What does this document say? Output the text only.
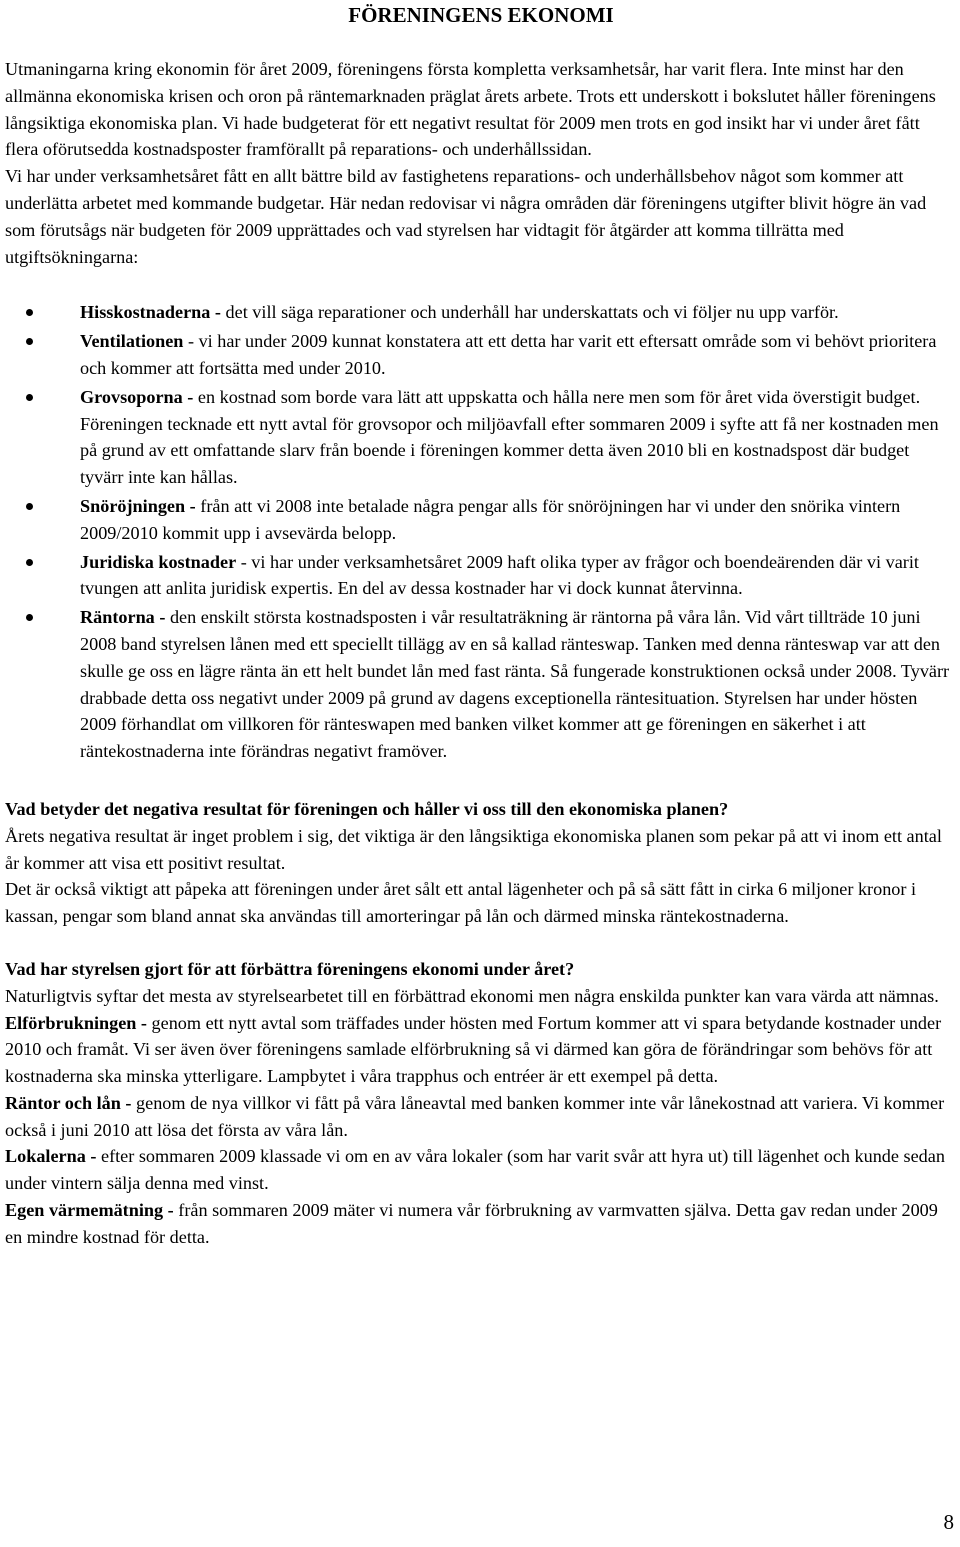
FÖRENINGENS EKONOMI

Utmaningarna kring ekonomin för året 2009, föreningens första kompletta verksamhetsår, har varit flera. Inte minst har den allmänna ekonomiska krisen och oron på räntemarknaden präglat årets arbete. Trots ett underskott i bokslutet håller föreningens långsiktiga ekonomiska plan. Vi hade budgeterat för ett negativt resultat för 2009 men trots en god insikt har vi under året fått flera oförutsedda kostnadsposter framförallt på reparations- och underhållssidan.

Vi har under verksamhetsåret fått en allt bättre bild av fastighetens reparations- och underhållsbehov något som kommer att underlätta arbetet med kommande budgetar. Här nedan redovisar vi några områden där föreningens utgifter blivit högre än vad som förutsågs när budgeten för 2009 upprättades och vad styrelsen har vidtagit för åtgärder att komma tillrätta med utgiftsökningarna:

Hisskostnaderna - det vill säga reparationer och underhåll har underskattats och vi följer nu upp varför.
Ventilationen - vi har under 2009 kunnat konstatera att ett detta har varit ett eftersatt område som vi behövt prioritera och kommer att fortsätta med under 2010.
Grovsoporna - en kostnad som borde vara lätt att uppskatta och hålla nere men som för året vida överstigit budget. Föreningen tecknade ett nytt avtal för grovsopor och miljöavfall efter sommaren 2009 i syfte att få ner kostnaden men på grund av ett omfattande slarv från boende i föreningen kommer detta även 2010 bli en kostnadspost där budget tyvärr inte kan hållas.
Snöröjningen - från att vi 2008 inte betalade några pengar alls för snöröjningen har vi under den snörika vintern 2009/2010 kommit upp i avsevärda belopp.
Juridiska kostnader - vi har under verksamhetsåret 2009 haft olika typer av frågor och boendeärenden där vi varit tvungen att anlita juridisk expertis. En del av dessa kostnader har vi dock kunnat återvinna.
Räntorna - den enskilt största kostnadsposten i vår resultaträkning är räntorna på våra lån. Vid vårt tillträde 10 juni 2008 band styrelsen lånen med ett speciellt tillägg av en så kallad ränteswap. Tanken med denna ränteswap var att den skulle ge oss en lägre ränta än ett helt bundet lån med fast ränta. Så fungerade konstruktionen också under 2008. Tyvärr drabbade detta oss negativt under 2009 på grund av dagens exceptionella räntesituation. Styrelsen har under hösten 2009 förhandlat om villkoren för ränteswapen med banken vilket kommer att ge föreningen en säkerhet i att räntekostnaderna inte förändras negativt framöver.

Vad betyder det negativa resultat för föreningen och håller vi oss till den ekonomiska planen?

Årets negativa resultat är inget problem i sig, det viktiga är den långsiktiga ekonomiska planen som pekar på att vi inom ett antal år kommer att visa ett positivt resultat.

Det är också viktigt att påpeka att föreningen under året sålt ett antal lägenheter och på så sätt fått in cirka 6 miljoner kronor i kassan, pengar som bland annat ska användas till amorteringar på lån och därmed minska räntekostnaderna.

Vad har styrelsen gjort för att förbättra föreningens ekonomi under året?

Naturligtvis syftar det mesta av styrelsearbetet till en förbättrad ekonomi men några enskilda punkter kan vara värda att nämnas.

Elförbrukningen - genom ett nytt avtal som träffades under hösten med Fortum kommer att vi spara betydande kostnader under 2010 och framåt. Vi ser även över föreningens samlade elförbrukning så vi därmed kan göra de förändringar som behövs för att kostnaderna ska minska ytterligare. Lampbytet i våra trapphus och entréer är ett exempel på detta.

Räntor och lån - genom de nya villkor vi fått på våra låneavtal med banken kommer inte vår lånekostnad att variera. Vi kommer också i juni 2010 att lösa det första av våra lån.

Lokalerna - efter sommaren 2009 klassade vi om en av våra lokaler (som har varit svår att hyra ut) till lägenhet och kunde sedan under vintern sälja denna med vinst.

Egen värmemätning - från sommaren 2009 mäter vi numera vår förbrukning av varmvatten själva. Detta gav redan under 2009 en mindre kostnad för detta.

8
